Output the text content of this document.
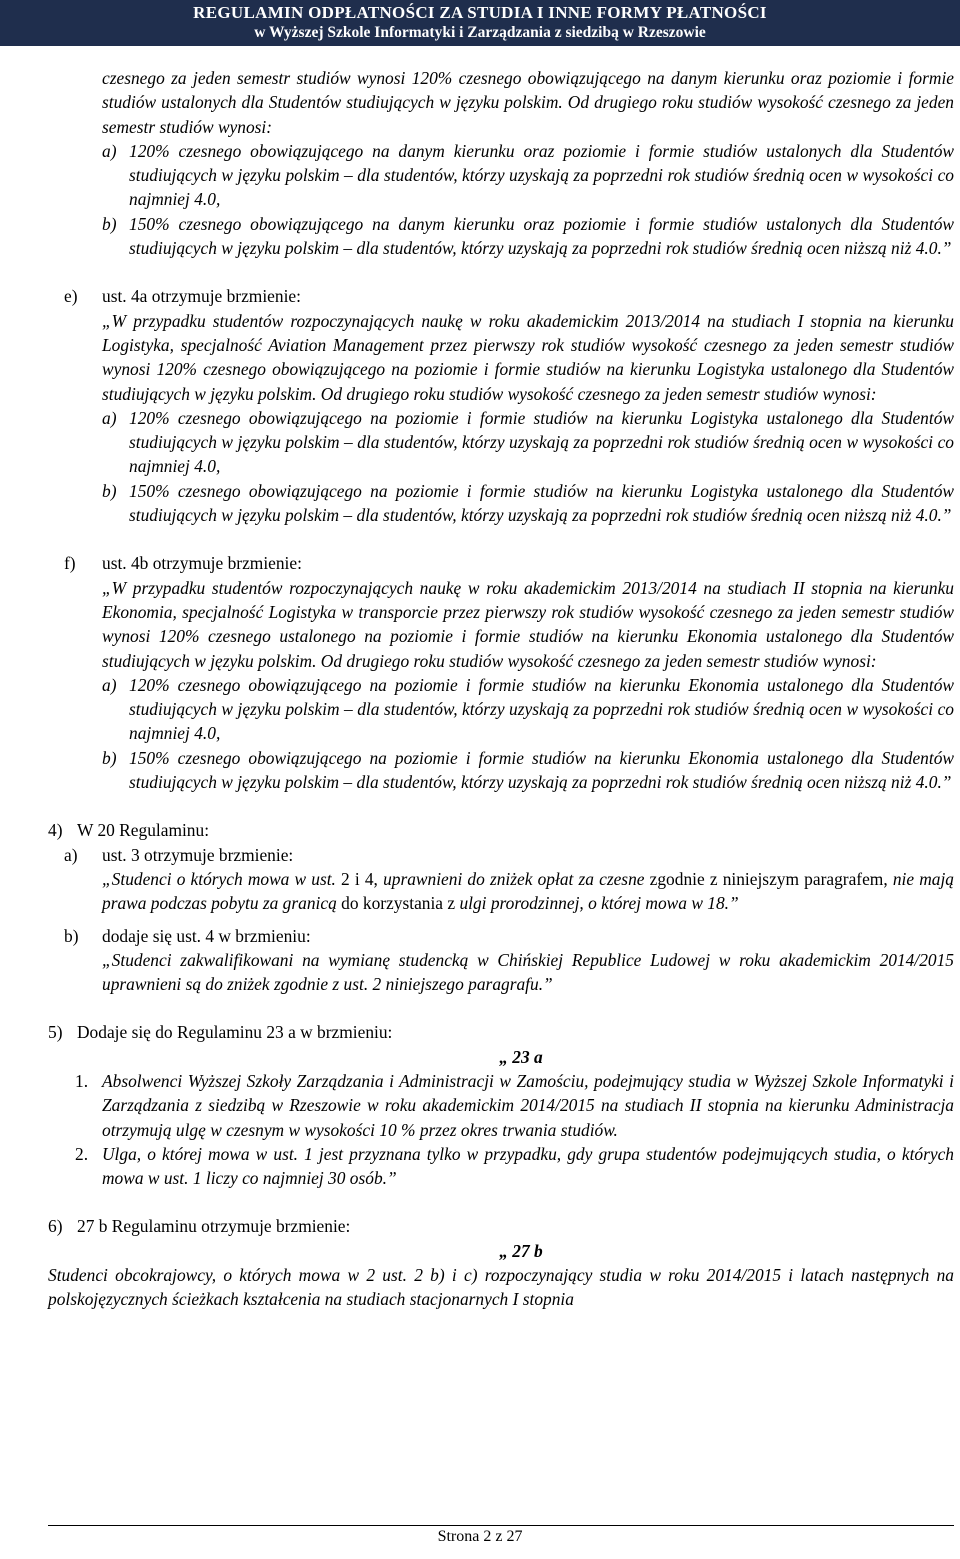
REGULAMIN ODPŁATNOŚCI ZA STUDIA I INNE FORMY PŁATNOŚCI
w Wyższej Szkole Informatyki i Zarządzania z siedzibą w Rzeszowie
czesnego za jeden semestr studiów wynosi 120% czesnego obowiązującego na danym kierunku oraz poziomie i formie studiów ustalonych dla Studentów studiujących w języku polskim. Od drugiego roku studiów wysokość czesnego za jeden semestr studiów wynosi:
a) 120% czesnego obowiązującego na danym kierunku oraz poziomie i formie studiów ustalonych dla Studentów studiujących w języku polskim – dla studentów, którzy uzyskają za poprzedni rok studiów średnią ocen w wysokości co najmniej 4.0,
b) 150% czesnego obowiązującego na danym kierunku oraz poziomie i formie studiów ustalonych dla Studentów studiujących w języku polskim – dla studentów, którzy uzyskają za poprzedni rok studiów średnią ocen niższą niż 4.0.”
e) ust. 4a otrzymuje brzmienie:
„W przypadku studentów rozpoczynających naukę w roku akademickim 2013/2014 na studiach I stopnia na kierunku Logistyka, specjalność Aviation Management przez pierwszy rok studiów wysokość czesnego za jeden semestr studiów wynosi 120% czesnego obowiązującego na poziomie i formie studiów na kierunku Logistyka ustalonego dla Studentów studiujących w języku polskim. Od drugiego roku studiów wysokość czesnego za jeden semestr studiów wynosi:
a) 120% czesnego obowiązującego na poziomie i formie studiów na kierunku Logistyka ustalonego dla Studentów studiujących w języku polskim – dla studentów, którzy uzyskają za poprzedni rok studiów średnią ocen w wysokości co najmniej 4.0,
b) 150% czesnego obowiązującego na poziomie i formie studiów na kierunku Logistyka ustalonego dla Studentów studiujących w języku polskim – dla studentów, którzy uzyskają za poprzedni rok studiów średnią ocen niższą niż 4.0.”
f) ust. 4b otrzymuje brzmienie:
„W przypadku studentów rozpoczynających naukę w roku akademickim 2013/2014 na studiach II stopnia na kierunku Ekonomia, specjalność Logistyka w transporcie przez pierwszy rok studiów wysokość czesnego za jeden semestr studiów wynosi 120% czesnego ustalonego na poziomie i formie studiów na kierunku Ekonomia ustalonego dla Studentów studiujących w języku polskim. Od drugiego roku studiów wysokość czesnego za jeden semestr studiów wynosi:
a) 120% czesnego obowiązującego na poziomie i formie studiów na kierunku Ekonomia ustalonego dla Studentów studiujących w języku polskim – dla studentów, którzy uzyskają za poprzedni rok studiów średnią ocen w wysokości co najmniej 4.0,
b) 150% czesnego obowiązującego na poziomie i formie studiów na kierunku Ekonomia ustalonego dla Studentów studiujących w języku polskim – dla studentów, którzy uzyskają za poprzedni rok studiów średnią ocen niższą niż 4.0.”
4) W 20 Regulaminu:
a) ust. 3 otrzymuje brzmienie:
„Studenci o których mowa w ust. 2 i 4, uprawnieni do zniżek opłat za czesne zgodnie z niniejszym paragrafem, nie mają prawa podczas pobytu za granicą do korzystania z ulgi prorodzinnej, o której mowa w 18.”
b) dodaje się ust. 4 w brzmieniu:
„Studenci zakwalifikowani na wymianę studencką w Chińskiej Republice Ludowej w roku akademickim 2014/2015 uprawnieni są do zniżek zgodnie z ust. 2 niniejszego paragrafu.”
5) Dodaje się do Regulaminu 23 a w brzmieniu:
„ 23 a
1. Absolwenci Wyższej Szkoły Zarządzania i Administracji w Zamościu, podejmujący studia w Wyższej Szkole Informatyki i Zarządzania z siedzibą w Rzeszowie w roku akademickim 2014/2015 na studiach II stopnia na kierunku Administracja otrzymują ulgę w czesnym w wysokości 10 % przez okres trwania studiów.
2. Ulga, o której mowa w ust. 1 jest przyznana tylko w przypadku, gdy grupa studentów podejmujących studia, o których mowa w ust. 1 liczy co najmniej 30 osób.”
6) 27 b Regulaminu otrzymuje brzmienie:
„ 27 b
Studenci obcokrajowcy, o których mowa w 2 ust. 2 b) i c) rozpoczynający studia w roku 2014/2015 i latach następnych na polskojęzycznych ścieżkach kształcenia na studiach stacjonarnych I stopnia
Strona 2 z 27
